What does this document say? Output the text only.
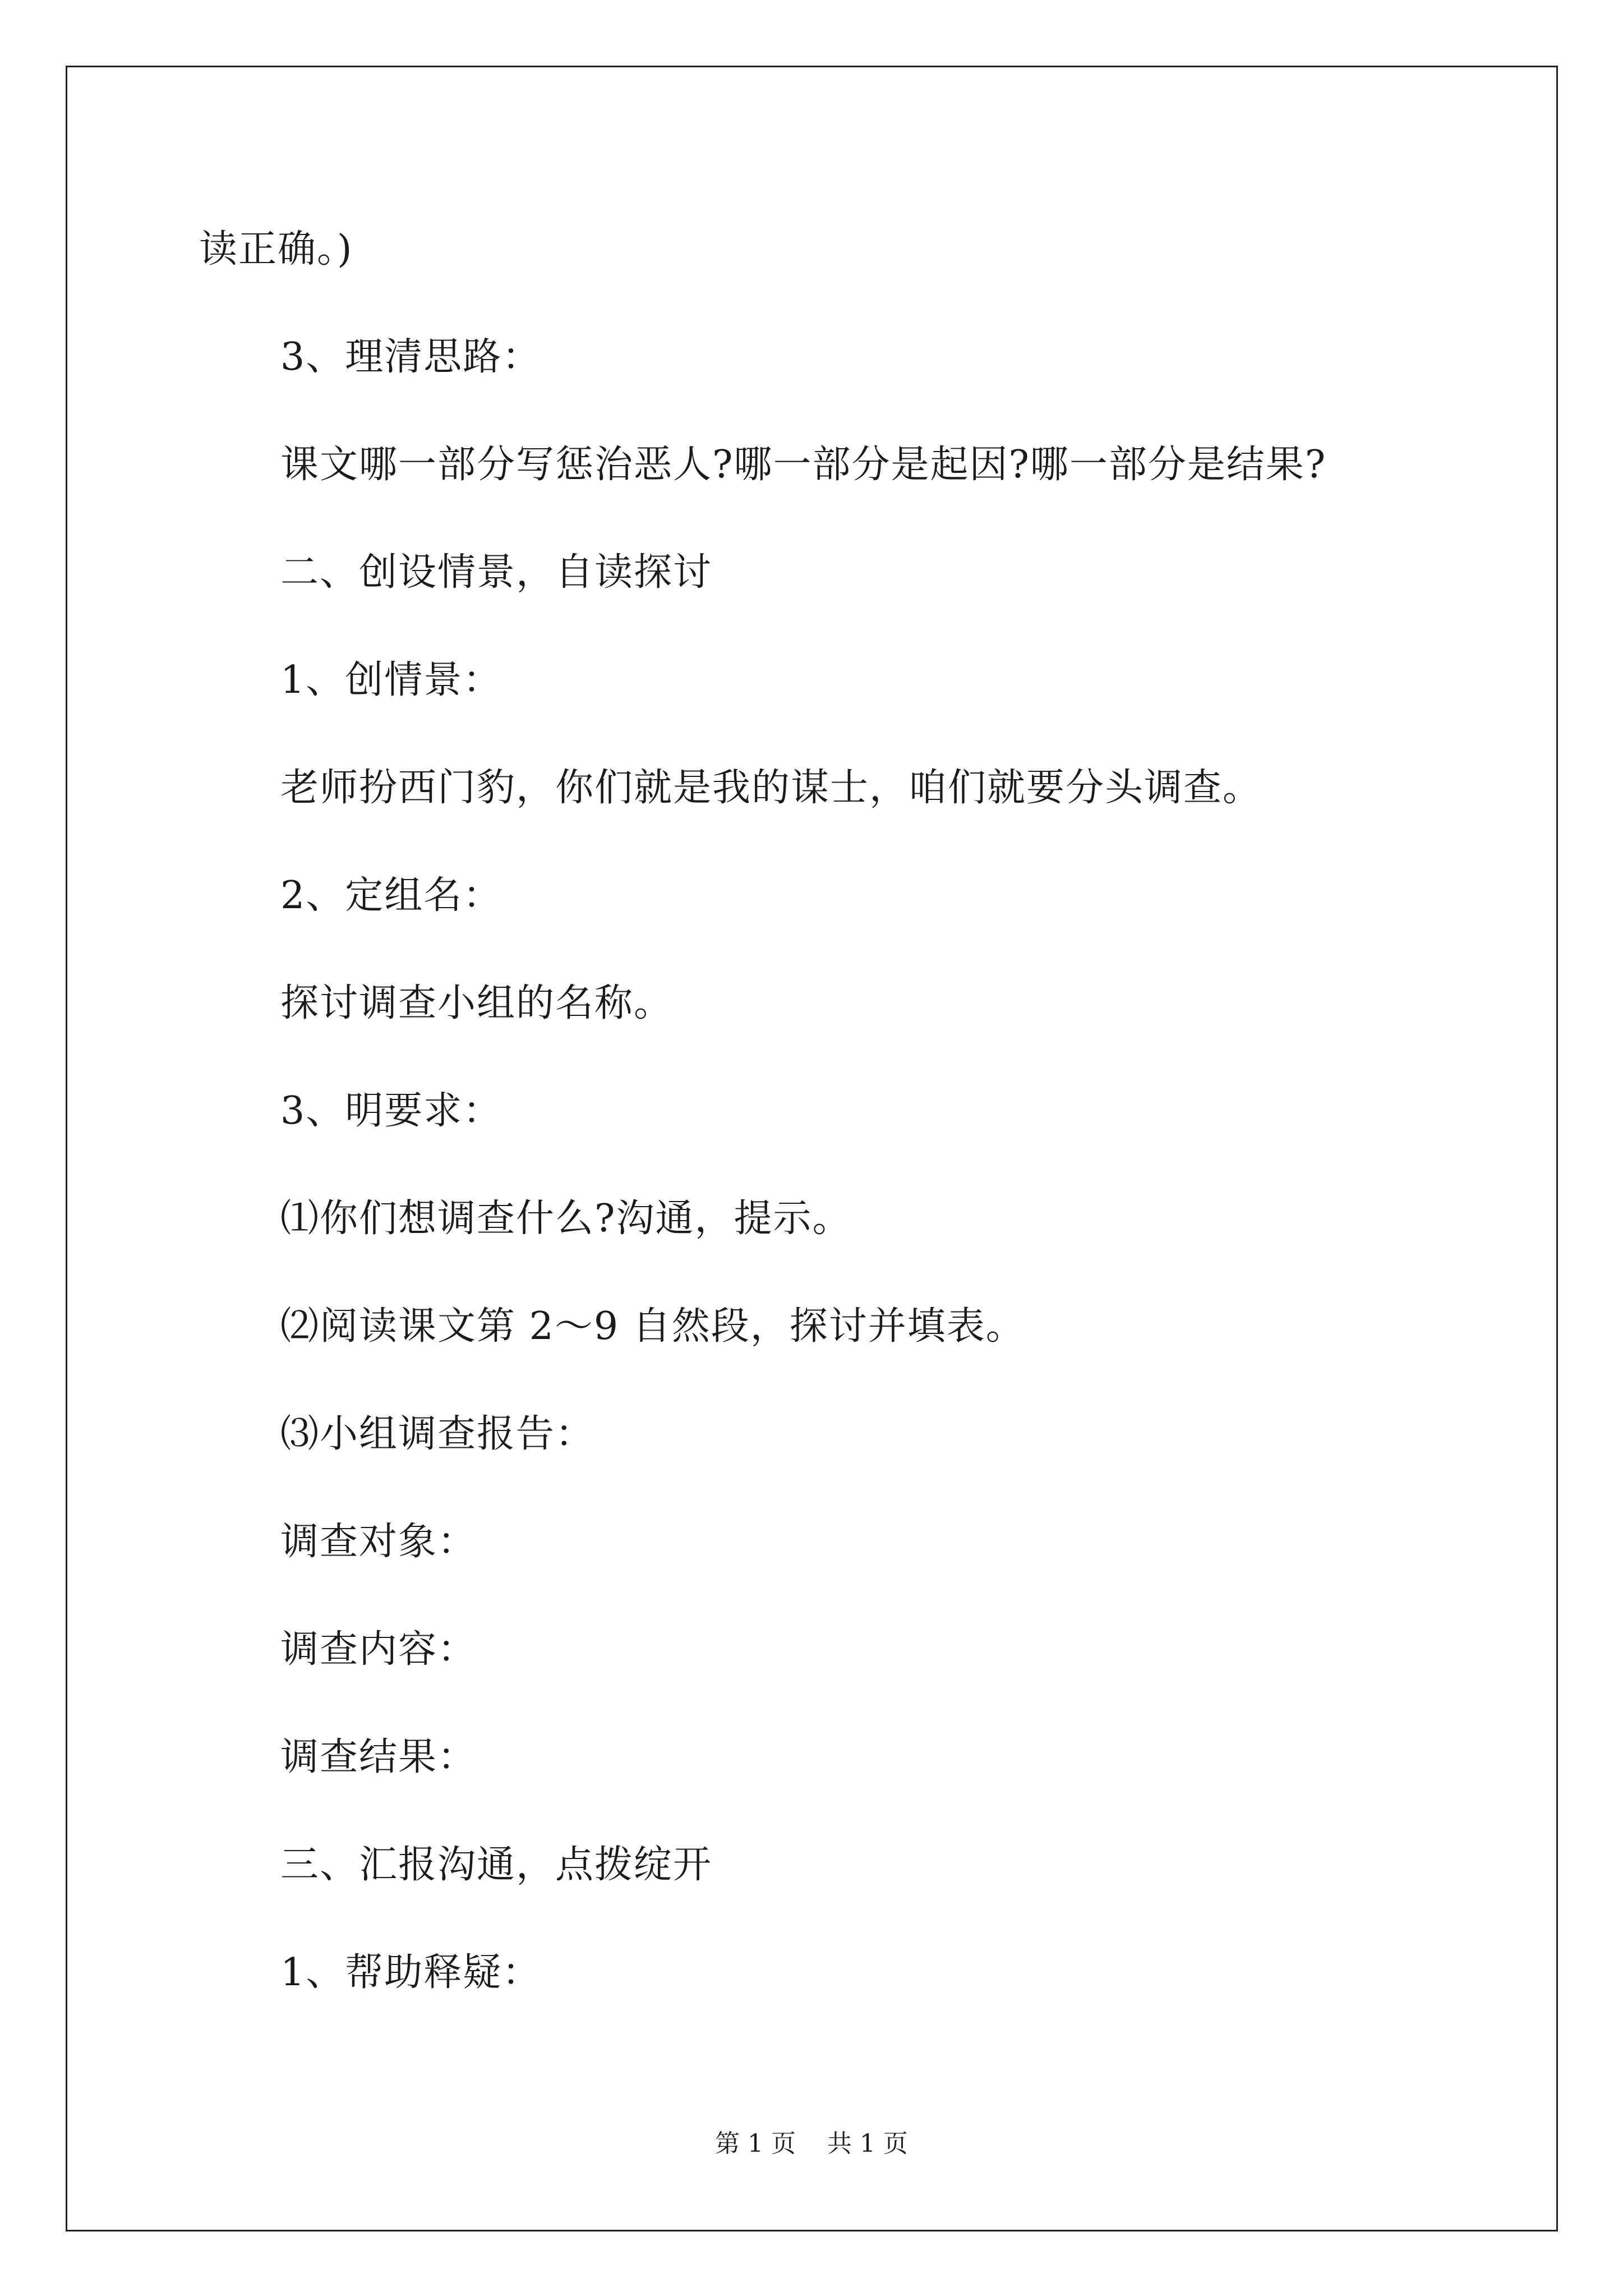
读正确。)
3、理清思路：
课文哪一部分写惩治恶人?哪一部分是起因?哪一部分是结果?
二、创设情景，自读探讨
1、创情景：
老师扮西门豹，你们就是我的谋士，咱们就要分头调查。
2、定组名：
探讨调查小组的名称。
3、明要求：
⑴你们想调查什么?沟通，提示。
⑵阅读课文第 2～9 自然段，探讨并填表。
⑶小组调查报告：
调查对象：
调查内容：
调查结果：
三、汇报沟通，点拨绽开
1、帮助释疑：
第 1 页    共 1 页
